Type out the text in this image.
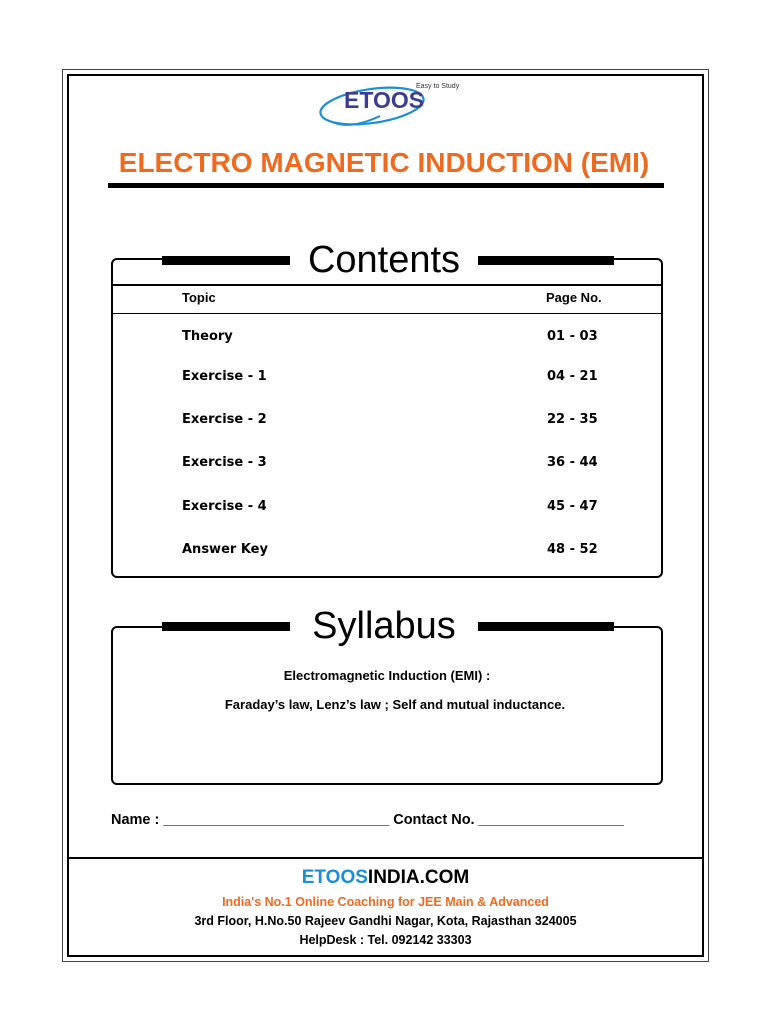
ETOOS
Easy to Study
ELECTRO MAGNETIC INDUCTION (EMI)
Contents
Topic	Page No.
Theory	01 - 03
Exercise - 1	04 - 21
Exercise - 2	22 - 35
Exercise - 3	36 - 44
Exercise - 4	45 - 47
Answer Key	48 - 52
Syllabus
Electromagnetic Induction (EMI) :
Faraday’s law, Lenz’s law ; Self and mutual inductance.
Name : ____________________________ Contact No. __________________
ETOOSINDIA.COM
India's No.1 Online Coaching for JEE Main & Advanced
3rd Floor, H.No.50 Rajeev Gandhi Nagar, Kota, Rajasthan 324005
HelpDesk : Tel. 092142 33303
